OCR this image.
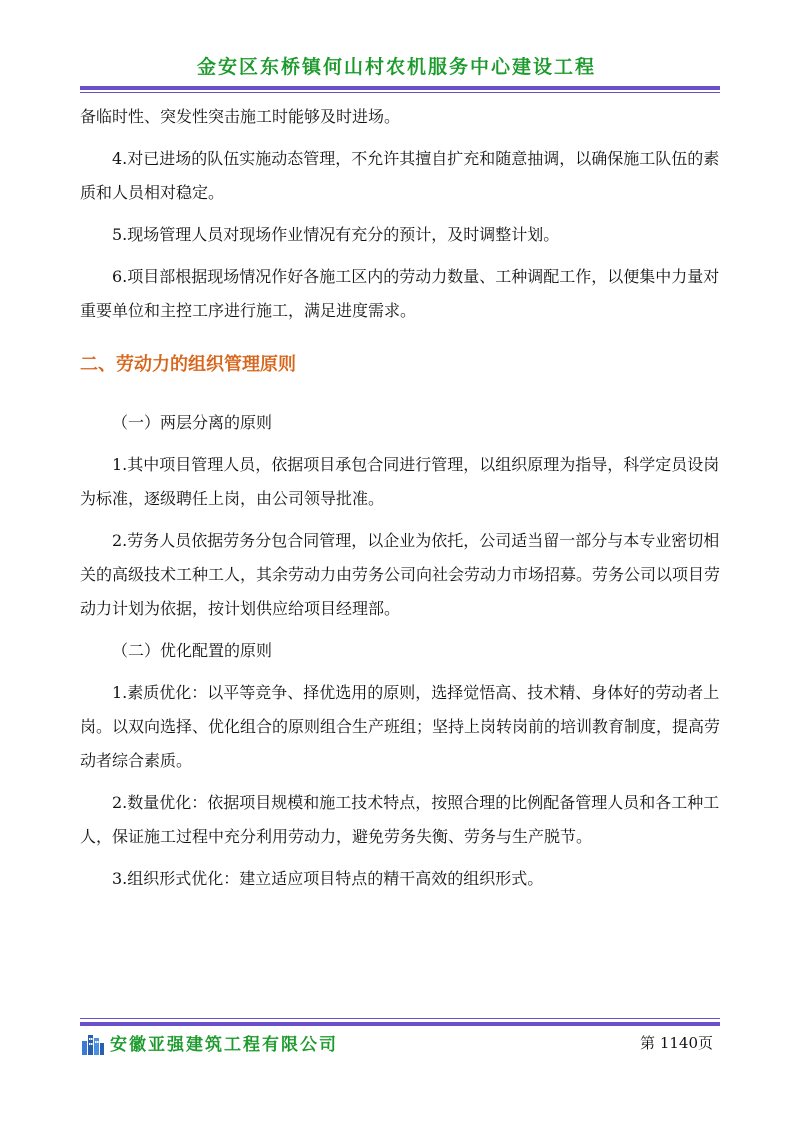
金安区东桥镇何山村农机服务中心建设工程

备临时性、突发性突击施工时能够及时进场。

4.对已进场的队伍实施动态管理，不允许其擅自扩充和随意抽调，以确保施工队伍的素质和人员相对稳定。

5.现场管理人员对现场作业情况有充分的预计，及时调整计划。

6.项目部根据现场情况作好各施工区内的劳动力数量、工种调配工作，以便集中力量对重要单位和主控工序进行施工，满足进度需求。

二、劳动力的组织管理原则

（一）两层分离的原则

1.其中项目管理人员，依据项目承包合同进行管理，以组织原理为指导，科学定员设岗为标准，逐级聘任上岗，由公司领导批准。

2.劳务人员依据劳务分包合同管理，以企业为依托，公司适当留一部分与本专业密切相关的高级技术工种工人，其余劳动力由劳务公司向社会劳动力市场招募。劳务公司以项目劳动力计划为依据，按计划供应给项目经理部。

（二）优化配置的原则

1.素质优化：以平等竞争、择优选用的原则，选择觉悟高、技术精、身体好的劳动者上岗。以双向选择、优化组合的原则组合生产班组；坚持上岗转岗前的培训教育制度，提高劳动者综合素质。

2.数量优化：依据项目规模和施工技术特点，按照合理的比例配备管理人员和各工种工人，保证施工过程中充分利用劳动力，避免劳务失衡、劳务与生产脱节。

3.组织形式优化：建立适应项目特点的精干高效的组织形式。

安徽亚强建筑工程有限公司	第 1140页
